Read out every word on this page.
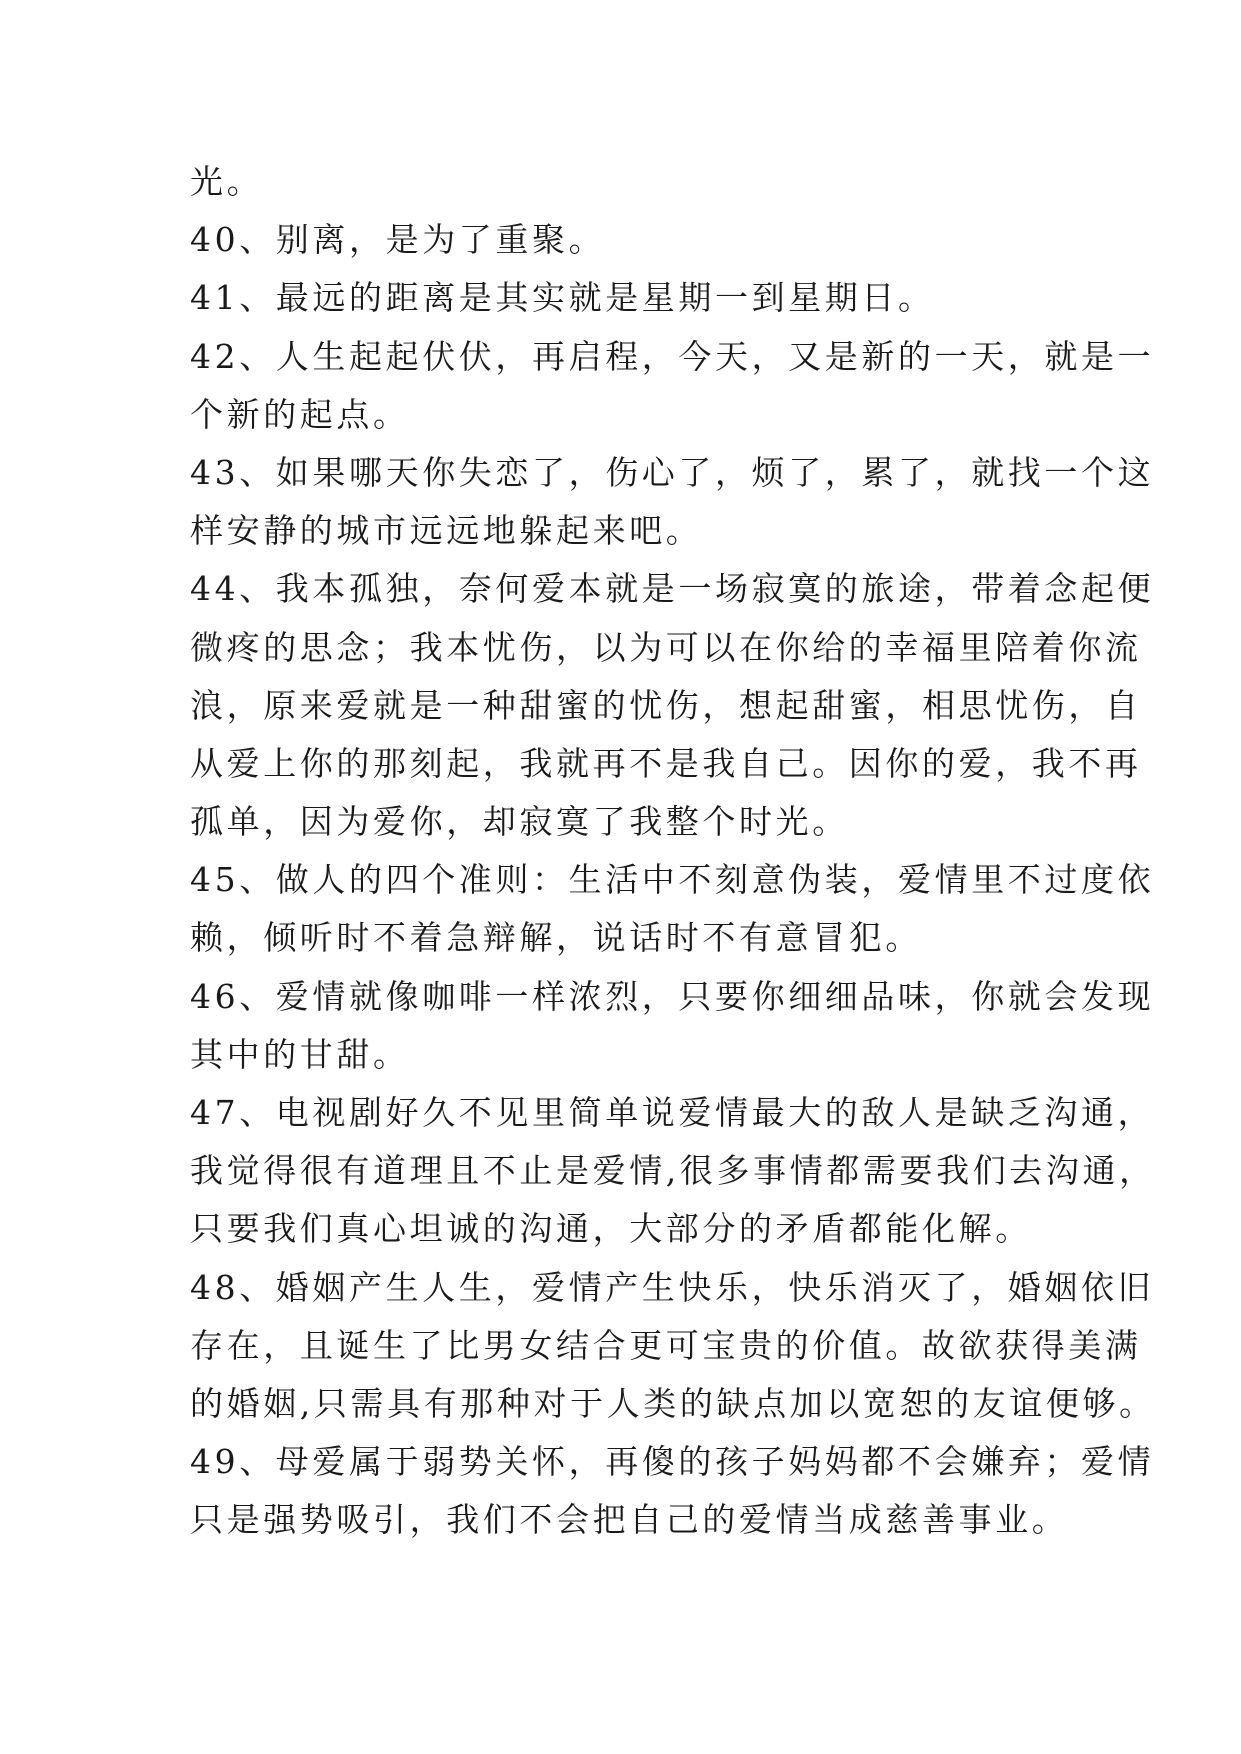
光。
40、别离，是为了重聚。
41、最远的距离是其实就是星期一到星期日。
42、人生起起伏伏，再启程，今天，又是新的一天，就是一
个新的起点。
43、如果哪天你失恋了，伤心了，烦了，累了，就找一个这
样安静的城市远远地躲起来吧。
44、我本孤独，奈何爱本就是一场寂寞的旅途，带着念起便
微疼的思念；我本忧伤，以为可以在你给的幸福里陪着你流
浪，原来爱就是一种甜蜜的忧伤，想起甜蜜，相思忧伤，自
从爱上你的那刻起，我就再不是我自己。因你的爱，我不再
孤单，因为爱你，却寂寞了我整个时光。
45、做人的四个准则：生活中不刻意伪装，爱情里不过度依
赖，倾听时不着急辩解，说话时不有意冒犯。
46、爱情就像咖啡一样浓烈，只要你细细品味，你就会发现
其中的甘甜。
47、电视剧好久不见里简单说爱情最大的敌人是缺乏沟通，
我觉得很有道理且不止是爱情,很多事情都需要我们去沟通，
只要我们真心坦诚的沟通，大部分的矛盾都能化解。
48、婚姻产生人生，爱情产生快乐，快乐消灭了，婚姻依旧
存在，且诞生了比男女结合更可宝贵的价值。故欲获得美满
的婚姻,只需具有那种对于人类的缺点加以宽恕的友谊便够。
49、母爱属于弱势关怀，再傻的孩子妈妈都不会嫌弃；爱情
只是强势吸引，我们不会把自己的爱情当成慈善事业。
